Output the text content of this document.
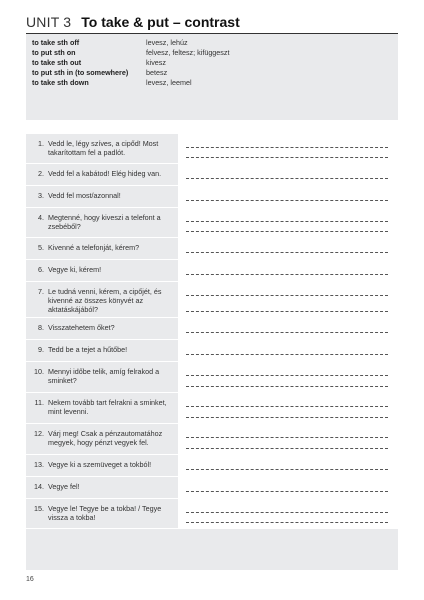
UNIT 3 To take & put – contrast
to take sth off	levesz, lehúz
to put sth on	felvesz, feltesz; kifüggeszt
to take sth out	kivesz
to put sth in (to somewhere)	betesz
to take sth down	levesz, leemel
1. Vedd le, légy szíves, a cipőd! Most takarítottam fel a padlót.
2. Vedd fel a kabátod! Elég hideg van.
3. Vedd fel most/azonnal!
4. Megtenné, hogy kiveszi a telefont a zsebéből?
5. Kivenné a telefonját, kérem?
6. Vegye ki, kérem!
7. Le tudná venni, kérem, a cipőjét, és kivenné az összes könyvét az aktatáskájából?
8. Visszatehetem őket?
9. Tedd be a tejet a hűtőbe!
10. Mennyi időbe telik, amíg felrakod a sminket?
11. Nekem tovább tart felrakni a sminket, mint levenni.
12. Várj meg! Csak a pénzautomatához megyek, hogy pénzt vegyek fel.
13. Vegye ki a szemüveget a tokból!
14. Vegye fel!
15. Vegye le! Tegye be a tokba! / Tegye vissza a tokba!
16
